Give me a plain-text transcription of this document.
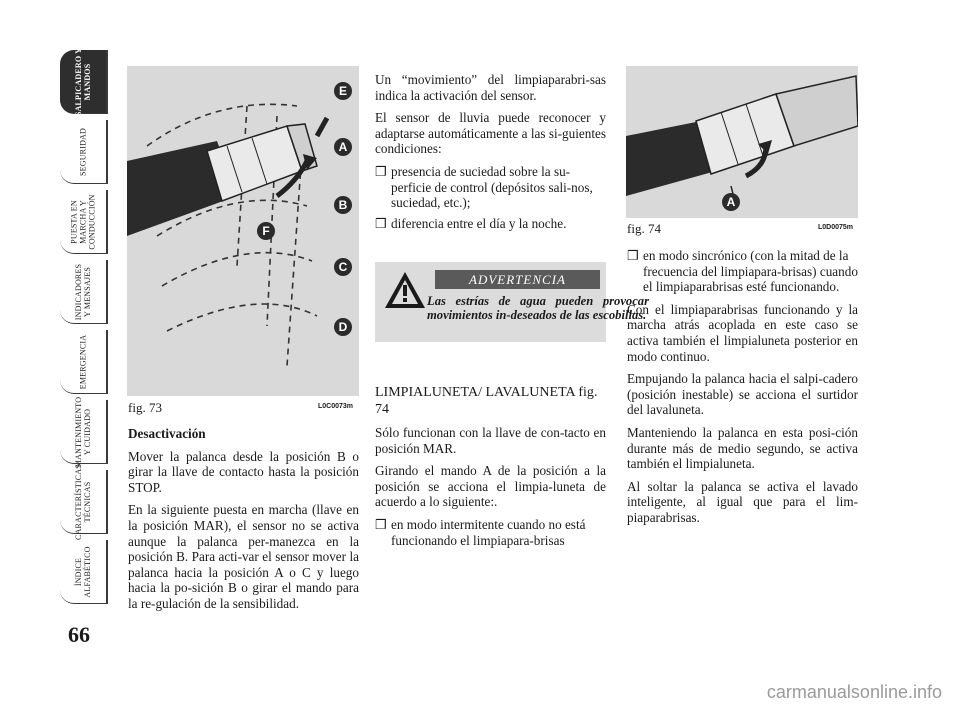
SALPICADERO Y
MANDOS
SEGURIDAD
PUESTA EN
MARCHA Y
CONDUCCIÓN
INDICADORES
Y MENSAJES
EMERGENCIA
MANTENIMIENTO
Y CUIDADO
CARACTERÍSTICAS
TÉCNICAS
ÍNDICE
ALFABÉTICO
66
E
A
B
C
D
F
fig. 73	L0C0073m
A
fig. 74	L0D0075m

Desactivación

Mover la palanca desde la posición B o girar la llave de contacto hasta la posición STOP.

En la siguiente puesta en marcha (llave en la posición MAR), el sensor no se activa aunque la palanca per-manezca en la posición B. Para acti-var el sensor mover la palanca hacia la posición A o C y luego hacia la po-sición B o girar el mando para la re-gulación de la sensibilidad.

Un “movimiento” del limpiaparabri-sas indica la activación del sensor.

El sensor de lluvia puede reconocer y adaptarse automáticamente a las si-guientes condiciones:

❒ presencia de suciedad sobre la su-perficie de control (depósitos sali-nos, suciedad, etc.);
❒ diferencia entre el día y la noche.
ADVERTENCIA
Las estrías de agua pueden provocar movimientos in-deseados de las escobillas.

LIMPIALUNETA/ LAVALUNETA fig. 74

Sólo funcionan con la llave de con-tacto en posición MAR.

Girando el mando A de la posición a la posición se acciona el limpia-luneta de acuerdo a lo siguiente:.

❒ en modo intermitente cuando no está funcionando el limpiapara-brisas
❒ en modo sincrónico (con la mitad de la frecuencia del limpiapara-brisas) cuando el limpiaparabrisas esté funcionando.

Con el limpiaparabrisas funcionando y la marcha atrás acoplada en este caso se activa también el limpialuneta posterior en modo continuo.

Empujando la palanca hacia el salpi-cadero (posición inestable) se acciona el surtidor del lavaluneta.

Manteniendo la palanca en esta posi-ción durante más de medio segundo, se activa también el limpialuneta.

Al soltar la palanca se activa el lavado inteligente, al igual que para el lim-piaparabrisas.

carmanualsonline.info
